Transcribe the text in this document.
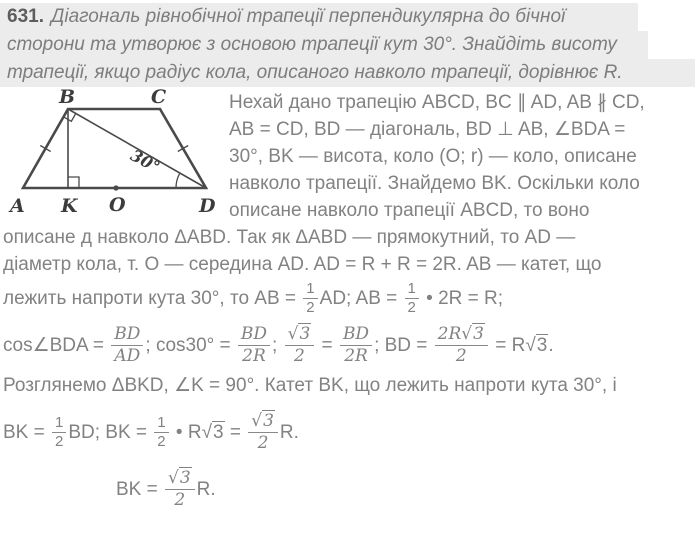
631. Діагональ рівнобічної трапеції перпендикулярна до бічної
сторони та утворює з основою трапеції кут 30°. Знайдіть висоту
трапеції, якщо радіус кола, описаного навколо трапеції, дорівнює R.
B	C
A K O	D
30°
Нехай дано трапецію ABCD, BC ∥ AD, AB ∦ CD,
AB = CD, BD — діагональ, BD ⊥ AB, ∠BDA =
30°, BK — висота, коло (O; r) — коло, описане
навколо трапеції. Знайдемо BK. Оскільки коло
описане навколо трапеції ABCD, то воно
описане д навколо ΔABD. Так як ΔABD — прямокутний, то AD —
діаметр кола, т. O — середина AD. AD = R + R = 2R. AB — катет, що
лежить напроти кута 30°, то AB = $\frac{1}{2}$ AD; AB = $\frac{1}{2}$ • 2R = R;
cos∠BDA = $\frac{BD}{AD}$ ; $\cos 30^\circ = \frac{BD}{2R}$ ; $\frac{√3}{2} = \frac{BD}{2R}$ ; BD = $\frac{2R√3}{2} = R√3$.
Розглянемо ΔBKD, ∠K = 90°. Катет BK, що лежить напроти кута 30°, і
BK = $\frac{1}{2}$ BD; BK = $\frac{1}{2}$ • $R√3 = \frac{√3}{2} R$.
BK = $\frac{√3}{2} R$.
